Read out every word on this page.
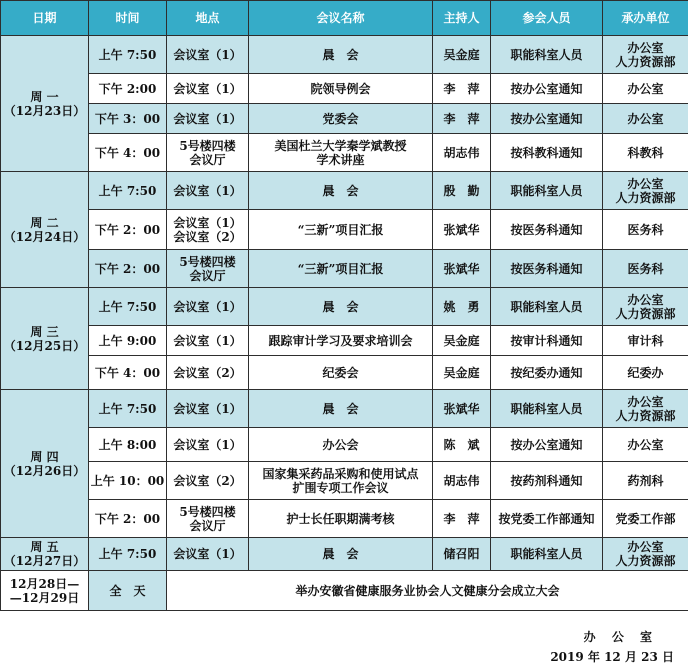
日期	时间	地点	会议名称	主持人	参会人员	承办单位

周 一
（12月23日）	上午 7:50	会议室（1）	晨　会	吴金庭	职能科室人员	办公室
人力资源部

	下午 2:00	会议室（1）	院领导例会	李　萍	按办公室通知	办公室

	下午 3：00	会议室（1）	党委会	李　萍	按办公室通知	办公室

	下午 4：00	5号楼四楼
会议厅	美国杜兰大学秦学斌教授
学术讲座	胡志伟	按科教科通知	科教科

周 二
（12月24日）	上午 7:50	会议室（1）	晨　会	殷　勤	职能科室人员	办公室
人力资源部

	下午 2：00	会议室（1）
会议室（2）	“三新”项目汇报	张斌华	按医务科通知	医务科

	下午 2：00	5号楼四楼
会议厅	“三新”项目汇报	张斌华	按医务科通知	医务科

周 三
（12月25日）	上午 7:50	会议室（1）	晨　会	姚　勇	职能科室人员	办公室
人力资源部

	上午 9:00	会议室（1）	跟踪审计学习及要求培训会	吴金庭	按审计科通知	审计科

	下午 4：00	会议室（2）	纪委会	吴金庭	按纪委办通知	纪委办

周 四
（12月26日）	上午 7:50	会议室（1）	晨　会	张斌华	职能科室人员	办公室
人力资源部

	上午 8:00	会议室（1）	办公会	陈　斌	按办公室通知	办公室

	上午 10：00	会议室（2）	国家集采药品采购和使用试点
扩围专项工作会议	胡志伟	按药剂科通知	药剂科

	下午 2：00	5号楼四楼
会议厅	护士长任职期满考核	李　萍	按党委工作部通知	党委工作部

周 五
（12月27日）	上午 7:50	会议室（1）	晨　会	储召阳	职能科室人员	办公室
人力资源部

12月28日—
—12月29日	全　天	举办安徽省健康服务业协会人文健康分会成立大会				
办 公 室
2019 年 12 月 23 日
